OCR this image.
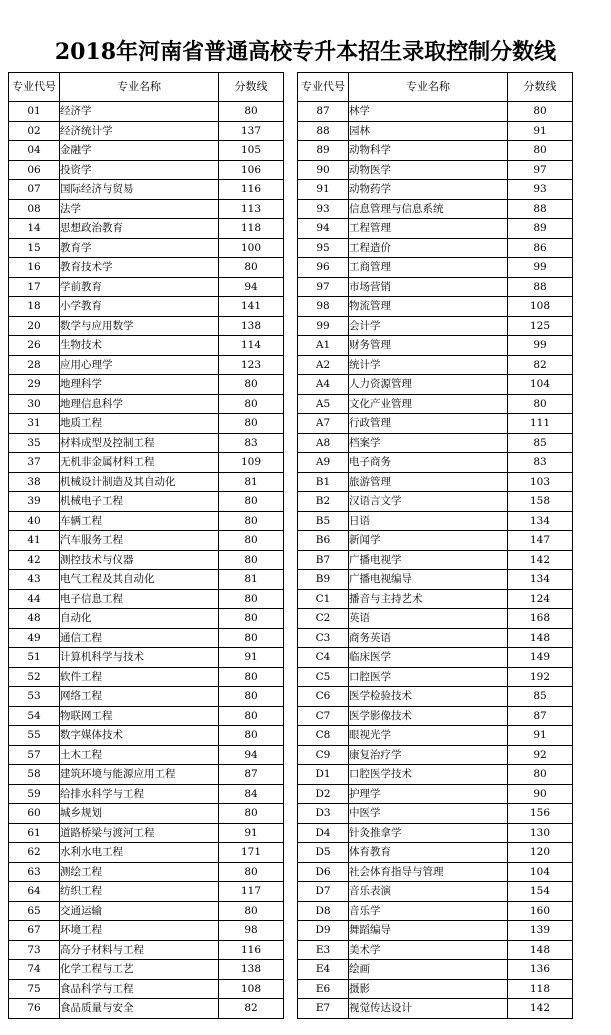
2018年河南省普通高校专升本招生录取控制分数线
专业代号	专业名称	分数线
01	经济学	80
02	经济统计学	137
04	金融学	105
06	投资学	106
07	国际经济与贸易	116
08	法学	113
14	思想政治教育	118
15	教育学	100
16	教育技术学	80
17	学前教育	94
18	小学教育	141
20	数学与应用数学	138
26	生物技术	114
28	应用心理学	123
29	地理科学	80
30	地理信息科学	80
31	地质工程	80
35	材料成型及控制工程	83
37	无机非金属材料工程	109
38	机械设计制造及其自动化	81
39	机械电子工程	80
40	车辆工程	80
41	汽车服务工程	80
42	测控技术与仪器	80
43	电气工程及其自动化	81
44	电子信息工程	80
48	自动化	80
49	通信工程	80
51	计算机科学与技术	91
52	软件工程	80
53	网络工程	80
54	物联网工程	80
55	数字媒体技术	80
57	土木工程	94
58	建筑环境与能源应用工程	87
59	给排水科学与工程	84
60	城乡规划	80
61	道路桥梁与渡河工程	91
62	水利水电工程	171
63	测绘工程	80
64	纺织工程	117
65	交通运输	80
67	环境工程	98
73	高分子材料与工程	116
74	化学工程与工艺	138
75	食品科学与工程	108
76	食品质量与安全	82
专业代号	专业名称	分数线
87	林学	80
88	园林	91
89	动物科学	80
90	动物医学	97
91	动物药学	93
93	信息管理与信息系统	88
94	工程管理	89
95	工程造价	86
96	工商管理	99
97	市场营销	88
98	物流管理	108
99	会计学	125
A1	财务管理	99
A2	统计学	82
A4	人力资源管理	104
A5	文化产业管理	80
A7	行政管理	111
A8	档案学	85
A9	电子商务	83
B1	旅游管理	103
B2	汉语言文学	158
B5	日语	134
B6	新闻学	147
B7	广播电视学	142
B9	广播电视编导	134
C1	播音与主持艺术	124
C2	英语	168
C3	商务英语	148
C4	临床医学	149
C5	口腔医学	192
C6	医学检验技术	85
C7	医学影像技术	87
C8	眼视光学	91
C9	康复治疗学	92
D1	口腔医学技术	80
D2	护理学	90
D3	中医学	156
D4	针灸推拿学	130
D5	体育教育	120
D6	社会体育指导与管理	104
D7	音乐表演	154
D8	音乐学	160
D9	舞蹈编导	139
E3	美术学	148
E4	绘画	136
E6	摄影	118
E7	视觉传达设计	142
